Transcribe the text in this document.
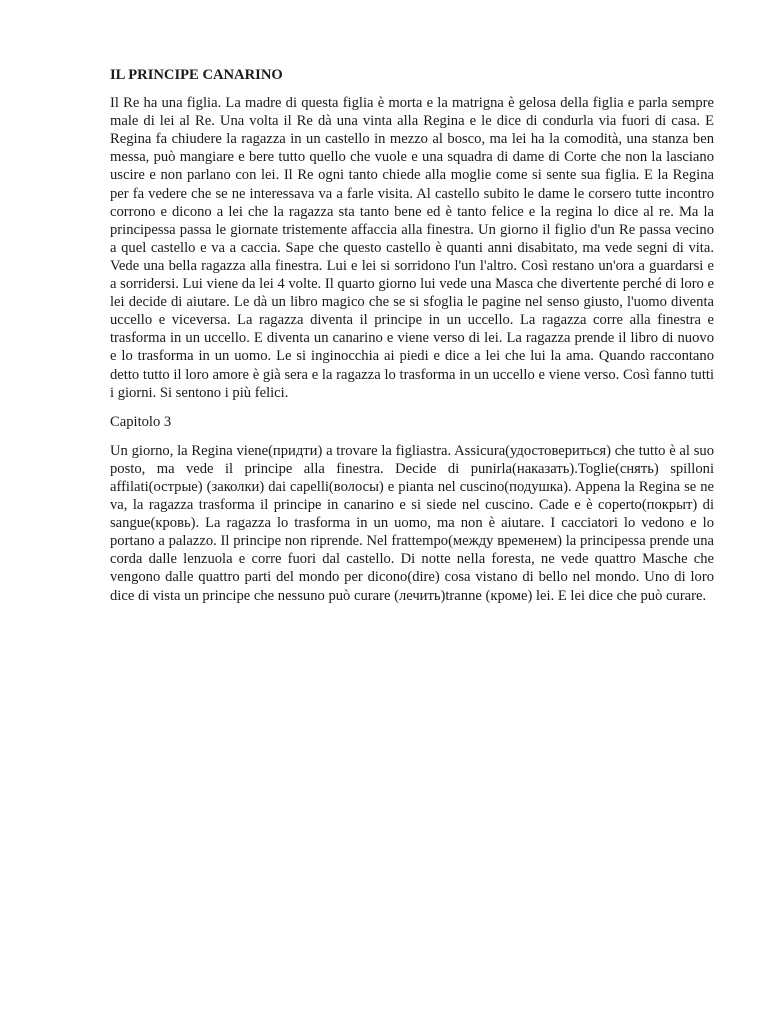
IL PRINCIPE CANARINO

Il Re ha una figlia. La madre di questa figlia è morta e la matrigna è gelosa della figlia e parla sempre male di lei al Re. Una volta il Re dà una vinta alla Regina e le dice di condurla via fuori di casa. E Regina fa chiudere la ragazza in un castello in mezzo al bosco, ma lei ha la comodità, una stanza ben messa, può mangiare e bere tutto quello che vuole e una squadra di dame di Corte che non la lasciano uscire e non parlano con lei. Il Re ogni tanto chiede alla moglie come si sente sua figlia. E la Regina per fa vedere che se ne interessava va a farle visita. Al castello subito le dame le corsero tutte incontro corrono e dicono a lei che la ragazza sta tanto bene ed è tanto felice e la regina lo dice al re. Ma la principessa passa le giornate tristemente affaccia alla finestra. Un giorno il figlio d'un Re passa vecino a quel castello e va a caccia. Sape che questo castello è quanti anni disabitato, ma vede segni di vita. Vede una bella ragazza alla finestra. Lui e lei si sorridono l'un l'altro. Così restano un'ora a guardarsi e a sorridersi. Lui viene da lei 4 volte. Il quarto giorno lui vede una Masca che divertente perché di loro e lei decide di aiutare. Le dà un libro magico che se si sfoglia le pagine nel senso giusto, l'uomo diventa uccello e viceversa. La ragazza diventa il principe in un uccello. La ragazza corre alla finestra e trasforma in un uccello. E diventa un canarino e viene verso di lei. La ragazza prende il libro di nuovo e lo trasforma in un uomo. Le si inginocchia ai piedi e dice a lei che lui la ama. Quando raccontano detto tutto il loro amore è già sera e la ragazza lo trasforma in un uccello e viene verso. Così fanno tutti i giorni. Si sentono i più felici.

Capitolo 3

Un giorno, la Regina viene(придти) a trovare la figliastra. Assicura(удостовериться) che tutto è al suo posto, ma vede il principe alla finestra. Decide di punirla(наказать).Toglie(снять) spilloni affilati(острые) (заколки) dai capelli(волосы) e pianta nel cuscino(подушка). Appena la Regina se ne va, la ragazza trasforma il principe in canarino e si siede nel cuscino. Cade e è coperto(покрыт) di sangue(кровь). La ragazza lo trasforma in un uomo, ma non è aiutare. I cacciatori lo vedono e lo portano a palazzo. Il principe non riprende. Nel frattempo(между временем) la principessa prende una corda dalle lenzuola e corre fuori dal castello. Di notte nella foresta, ne vede quattro Masche che vengono dalle quattro parti del mondo per dicono(dire) cosa vistano di bello nel mondo. Uno di loro dice di vista un principe che nessuno può curare (лечить)tranne (кроме) lei. E lei dice che può curare.
